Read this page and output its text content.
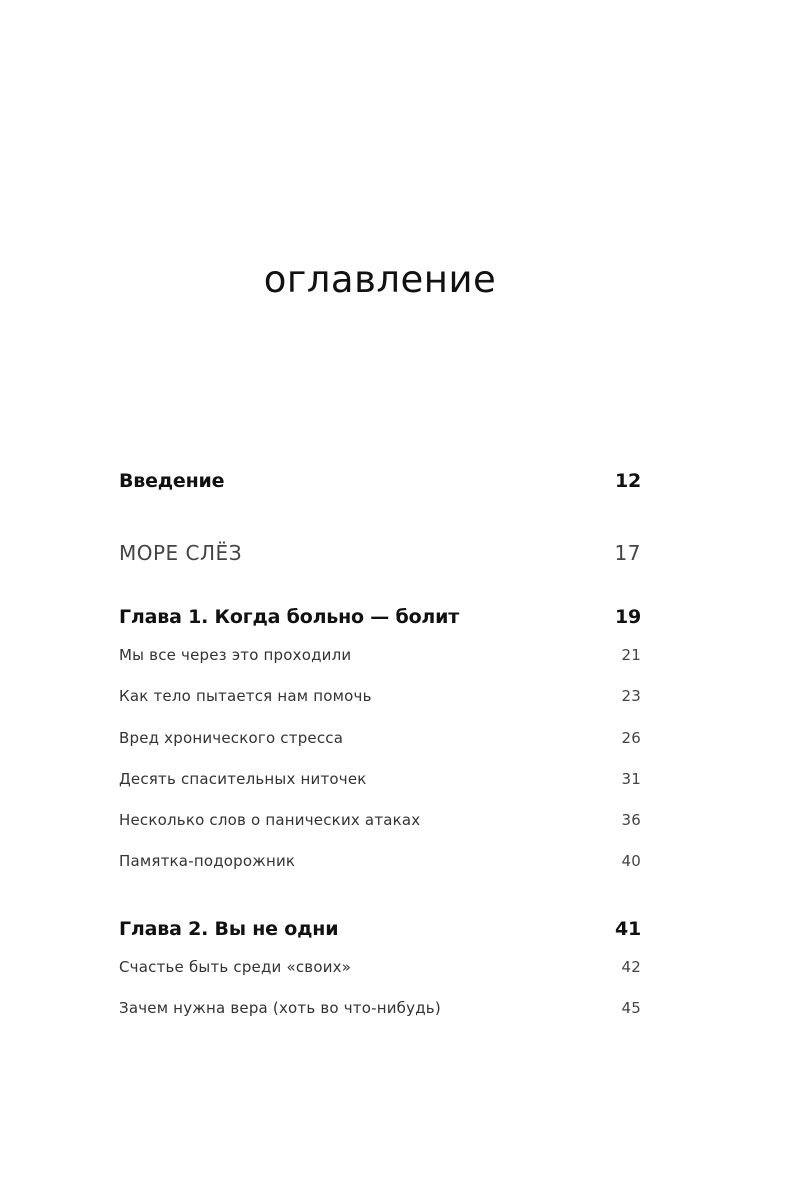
оглавление
Введение	12
МОРЕ СЛЁЗ	17
Глава 1. Когда больно — болит	19
Мы все через это проходили	21
Как тело пытается нам помочь	23
Вред хронического стресса	26
Десять спасительных ниточек	31
Несколько слов о панических атаках	36
Памятка-подорожник	40
Глава 2. Вы не одни	41
Счастье быть среди «своих»	42
Зачем нужна вера (хоть во что-нибудь)	45
